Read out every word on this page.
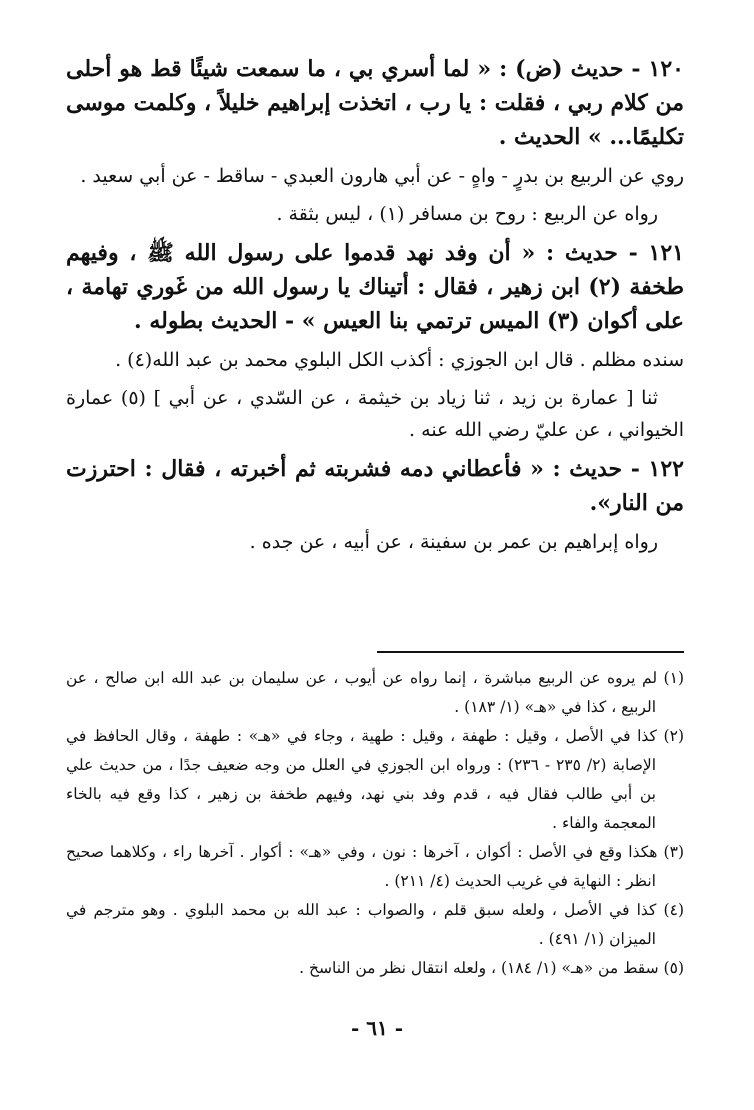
١٢٠ - حديث (ض) : « لما أسري بي ، ما سمعت شيئًا قط هو أحلى من كلام ربي ، فقلت : يا رب ، اتخذت إبراهيم خليلاً ، وكلمت موسى تكليمًا... » الحديث .

روي عن الربيع بن بدرٍ - واهٍ - عن أبي هارون العبدي - ساقط - عن أبي سعيد .

رواه عن الربيع : روح بن مسافر (١) ، ليس بثقة .

١٢١ - حديث : « أن وفد نهد قدموا على رسول الله ﷺ ، وفيهم طخفة (٢) ابن زهير ، فقال : أتيناك يا رسول الله من غَوري تهامة ، على أكوان (٣) الميس ترتمي بنا العيس » - الحديث بطوله .

سنده مظلم . قال ابن الجوزي : أكذب الكل البلوي محمد بن عبد الله(٤) .

ثنا [ عمارة بن زيد ، ثنا زياد بن خيثمة ، عن السّدي ، عن أبي ] (٥) عمارة الخيواني ، عن عليّ رضي الله عنه .

١٢٢ - حديث : « فأعطاني دمه فشربته ثم أخبرته ، فقال : احترزت من النار».

رواه إبراهيم بن عمر بن سفينة ، عن أبيه ، عن جده .

(١) لم يروه عن الربيع مباشرة ، إنما رواه عن أيوب ، عن سليمان بن عبد الله ابن صالح ، عن الربيع ، كذا في «هـ» (١/ ١٨٣) .

(٢) كذا في الأصل ، وقيل : طهفة ، وقيل : طهية ، وجاء في «هـ» : طهفة ، وقال الحافظ في الإصابة (٢/ ٢٣٥ - ٢٣٦) : ورواه ابن الجوزي في العلل من وجه ضعيف جدًا ، من حديث علي بن أبي طالب فقال فيه ، قدم وفد بني نهد، وفيهم طخفة بن زهير ، كذا وقع فيه بالخاء المعجمة والفاء .

(٣) هكذا وقع في الأصل : أكوان ، آخرها : نون ، وفي «هـ» : أكوار . آخرها راء ، وكلاهما صحيح انظر : النهاية في غريب الحديث (٤/ ٢١١) .

(٤) كذا في الأصل ، ولعله سبق قلم ، والصواب : عبد الله بن محمد البلوي . وهو مترجم في الميزان (١/ ٤٩١) .

(٥) سقط من «هـ» (١/ ١٨٤) ، ولعله انتقال نظر من الناسخ .

- ٦١ -
